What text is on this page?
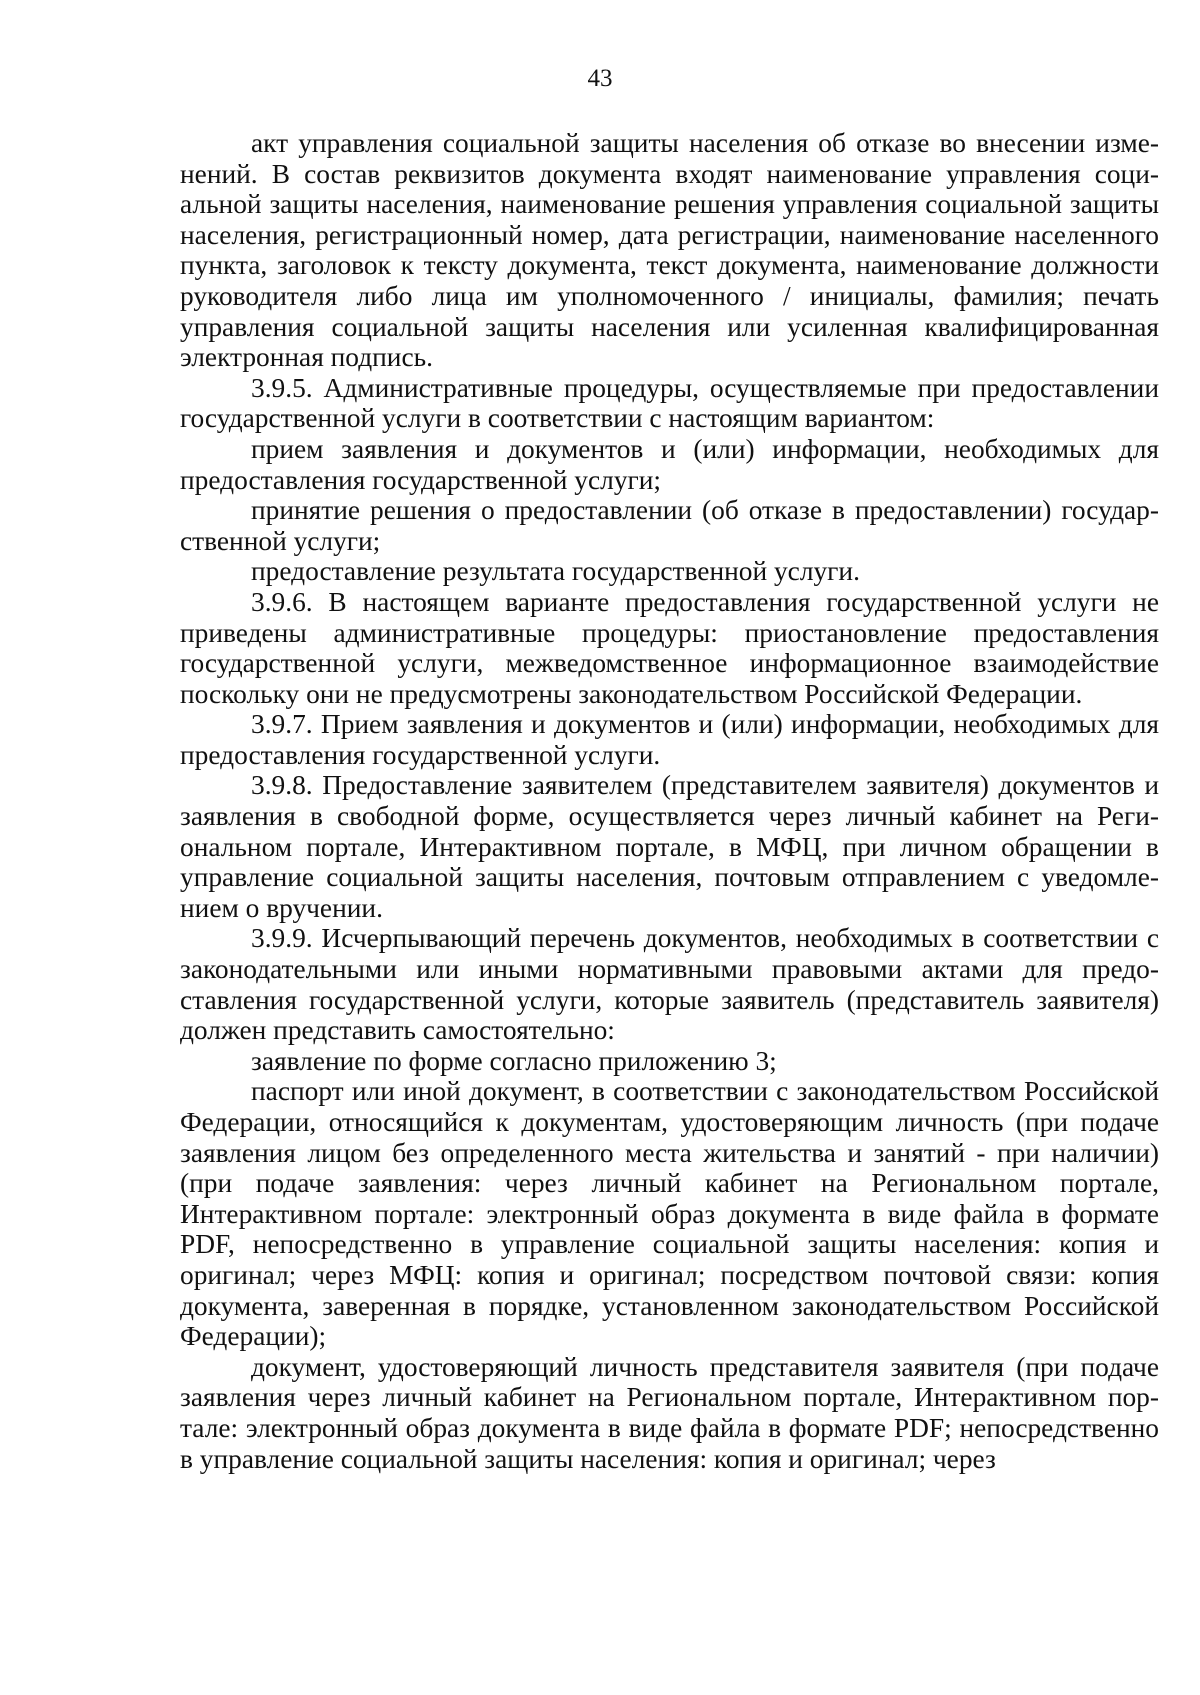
43

акт управления социальной защиты населения об отказе во внесении изменений. В состав реквизитов документа входят наименование управления социальной защиты населения, наименование решения управления социальной защиты населения, регистрационный номер, дата регистрации, наименование населенного пункта, заголовок к тексту документа, текст документа, наименование должности руководителя либо лица им уполномоченного / инициалы, фамилия; печать управления социальной защиты населения или усиленная квалифицированная электронная подпись.

3.9.5. Административные процедуры, осуществляемые при предоставлении государственной услуги в соответствии с настоящим вариантом:

прием заявления и документов и (или) информации, необходимых для предоставления государственной услуги;

принятие решения о предоставлении (об отказе в предоставлении) государственной услуги;

предоставление результата государственной услуги.

3.9.6. В настоящем варианте предоставления государственной услуги не приведены административные процедуры: приостановление предоставления государственной услуги, межведомственное информационное взаимодействие поскольку они не предусмотрены законодательством Российской Федерации.

3.9.7. Прием заявления и документов и (или) информации, необходимых для предоставления государственной услуги.

3.9.8. Предоставление заявителем (представителем заявителя) документов и заявления в свободной форме, осуществляется через личный кабинет на Региональном портале, Интерактивном портале, в МФЦ, при личном обращении в управление социальной защиты населения, почтовым отправлением с уведомлением о вручении.

3.9.9. Исчерпывающий перечень документов, необходимых в соответствии с законодательными или иными нормативными правовыми актами для предоставления государственной услуги, которые заявитель (представитель заявителя) должен представить самостоятельно:

заявление по форме согласно приложению 3;

паспорт или иной документ, в соответствии с законодательством Российской Федерации, относящийся к документам, удостоверяющим личность (при подаче заявления лицом без определенного места жительства и занятий - при наличии) (при подаче заявления: через личный кабинет на Региональном портале, Интерактивном портале: электронный образ документа в виде файла в формате PDF, непосредственно в управление социальной защиты населения: копия и оригинал; через МФЦ: копия и оригинал; посредством почтовой связи: копия документа, заверенная в порядке, установленном законодательством Российской Федерации);

документ, удостоверяющий личность представителя заявителя (при подаче заявления через личный кабинет на Региональном портале, Интерактивном портале: электронный образ документа в виде файла в формате PDF; непосредственно в управление социальной защиты населения: копия и оригинал; через
